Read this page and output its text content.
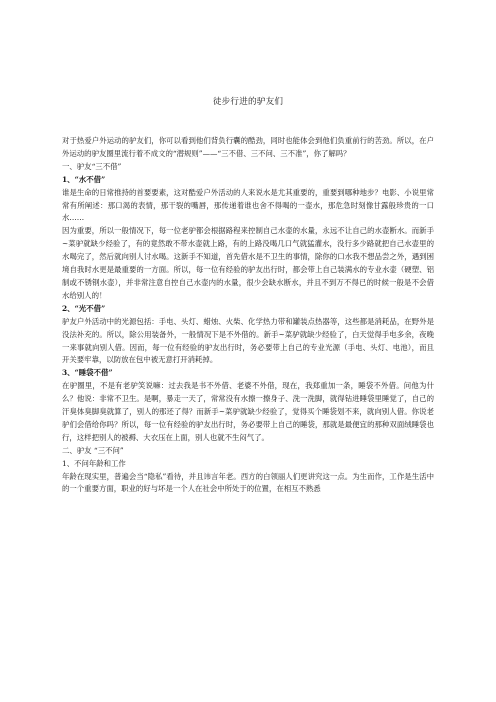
徒步行进的驴友们

对于热爱户外运动的驴友们，你可以看到他们背负行囊的酷劲，同时也能体会到他们负重前行的苦劲。所以，在户外运动的驴友圈里流行着不成文的“潜规则”——“三不借、三不问、三不准”，你了解吗？

一、驴友“三不借”

1、“水不借”

谁是生命的日常推持的首要要素，这对酷爱户外活动的人来说水是尤其重要的，重要到哪种地步？电影、小说里常常有所阐述：那口渴的表情，那干裂的嘴唇，那传递着谁也舍不得喝的一壶水，那危急时刻像甘露般珍贵的一口水……

因为重要，所以一般情况下，每一位老驴都会根据路程来控制自己水壶的水量，永远不让自己的水壶断水。而新手~菜驴就缺少经验了，有的竟然敢不带水壶就上路，有的上路没喝几口气就猛灌水，没行多少路就把自己水壶里的水喝完了，然后就向别人讨水喝。这新手不知道，首先借水是不卫生的事情，除你的口水我不想品尝之外，遇到困境自我时水更是最重要的一方面。所以，每一位有经验的驴友出行时，都会带上自己装满水的专业水壶（硬塑、铝制或不锈钢水壶），并非常注意自控自己水壶内的水量，很少会缺水断水，并且不到万不得已的时候一般是不会借水给别人的！

2、“光不借”

驴友户外活动中的光源包括：手电、头灯、蜡烛、火柴、化学热力带和罐装点热器等，这些都是消耗品，在野外是没法补充的。所以，除公用装备外，一般情况下是不外借的。新手~菜驴就缺少经验了，白天觉得手电多余，夜晚一来事就向别人借。因而，每一位有经验的驴友出行时，务必要带上自己的专业光源（手电、头灯、电池），而且开关要牢靠，以防放在包中被无意打开消耗掉。

3、“睡袋不借”

在驴圈里，不是有老驴笑说嘛：过去我是书不外借、老婆不外借，现在，我郑重加一条，睡袋不外借。问他为什么？他说：非常不卫生。是啊，暴走一天了，常常没有水擦一擦身子、洗一洗脚，就得钻进睡袋里睡觉了，自己的汗臭体臭脚臭就算了，别人的那还了得？而新手~菜驴就缺少经验了，觉得买个睡袋划不来，就向别人借。你说老驴们会借给你吗？所以，每一位有经验的驴友出行时，务必要带上自己的睡袋，那就是最便宜的那种双面绒睡袋也行，这样把别人的被褥、大衣压在上面，别人也就不生闷气了。

二、驴友 “三不问”

1、不问年龄和工作

年龄在现实里，普遍会当“隐私”看待，并且讳言年老。西方的白领丽人们更讲究这一点。为生而作，工作是生活中的一个重要方面，职业的好与坏是一个人在社会中所处于的位置，在相互不熟悉
